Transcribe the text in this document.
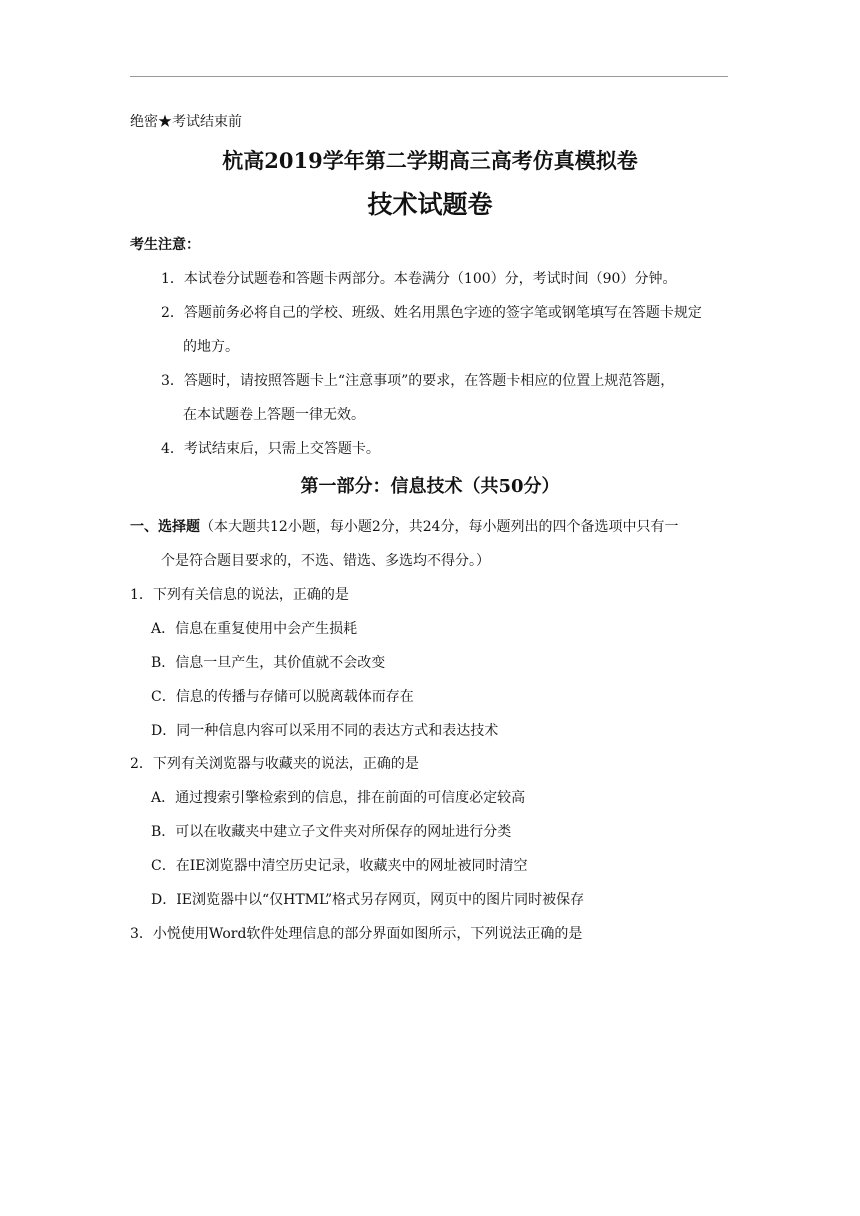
绝密★考试结束前
杭高2019学年第二学期高三高考仿真模拟卷
技术试题卷
考生注意：
1．本试卷分试题卷和答题卡两部分。本卷满分（100）分，考试时间（90）分钟。
2．答题前务必将自己的学校、班级、姓名用黑色字迹的签字笔或钢笔填写在答题卡规定
的地方。
3．答题时，请按照答题卡上“注意事项”的要求，在答题卡相应的位置上规范答题，
在本试题卷上答题一律无效。
4．考试结束后，只需上交答题卡。
第一部分：信息技术（共50分）
一、选择题（本大题共12小题，每小题2分，共24分，每小题列出的四个备选项中只有一
个是符合题目要求的，不选、错选、多选均不得分。）
1．下列有关信息的说法，正确的是
A．信息在重复使用中会产生损耗
B．信息一旦产生，其价值就不会改变
C．信息的传播与存储可以脱离载体而存在
D．同一种信息内容可以采用不同的表达方式和表达技术
2．下列有关浏览器与收藏夹的说法，正确的是
A．通过搜索引擎检索到的信息，排在前面的可信度必定较高
B．可以在收藏夹中建立子文件夹对所保存的网址进行分类
C．在IE浏览器中清空历史记录，收藏夹中的网址被同时清空
D．IE浏览器中以“仅HTML”格式另存网页，网页中的图片同时被保存
3．小悦使用Word软件处理信息的部分界面如图所示，下列说法正确的是
